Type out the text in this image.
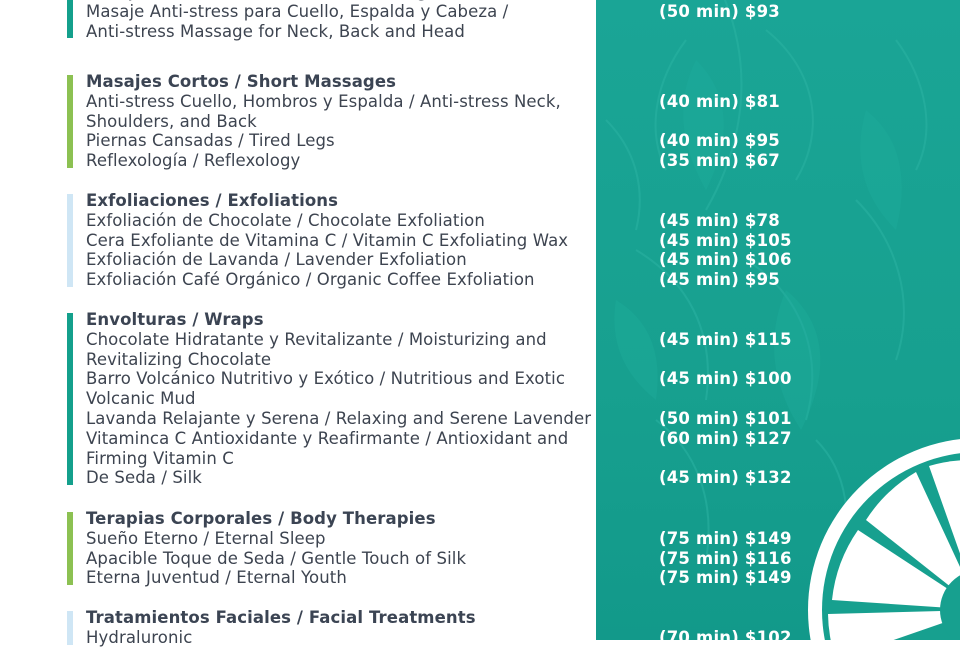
(50 min) $93
Masaje Anti-stress para Cuello, Espalda y Cabeza /
Anti-stress Massage for Neck, Back and Head
Masajes Cortos / Short Massages
(40 min) $81
Anti-stress Cuello, Hombros y Espalda / Anti-stress Neck,
Shoulders, and Back
(40 min) $95
Piernas Cansadas / Tired Legs
(35 min) $67
Reflexología / Reflexology
Exfoliaciones / Exfoliations
(45 min) $78
Exfoliación de Chocolate / Chocolate Exfoliation
(45 min) $105
Cera Exfoliante de Vitamina C / Vitamin C Exfoliating Wax
(45 min) $106
Exfoliación de Lavanda / Lavender Exfoliation
(45 min) $95
Exfoliación Café Orgánico / Organic Coffee Exfoliation
Envolturas / Wraps
(45 min) $115
Chocolate Hidratante y Revitalizante / Moisturizing and
Revitalizing Chocolate
(45 min) $100
Barro Volcánico Nutritivo y Exótico / Nutritious and Exotic
Volcanic Mud
(50 min) $101
Lavanda Relajante y Serena / Relaxing and Serene Lavender
(60 min) $127
Vitaminca C Antioxidante y Reafirmante / Antioxidant and
Firming Vitamin C
(45 min) $132
De Seda / Silk
Terapias Corporales / Body Therapies
(75 min) $149
Sueño Eterno / Eternal Sleep
(75 min) $116
Apacible Toque de Seda / Gentle Touch of Silk
(75 min) $149
Eterna Juventud / Eternal Youth
Tratamientos Faciales / Facial Treatments
(70 min) $102
Hydraluronic
